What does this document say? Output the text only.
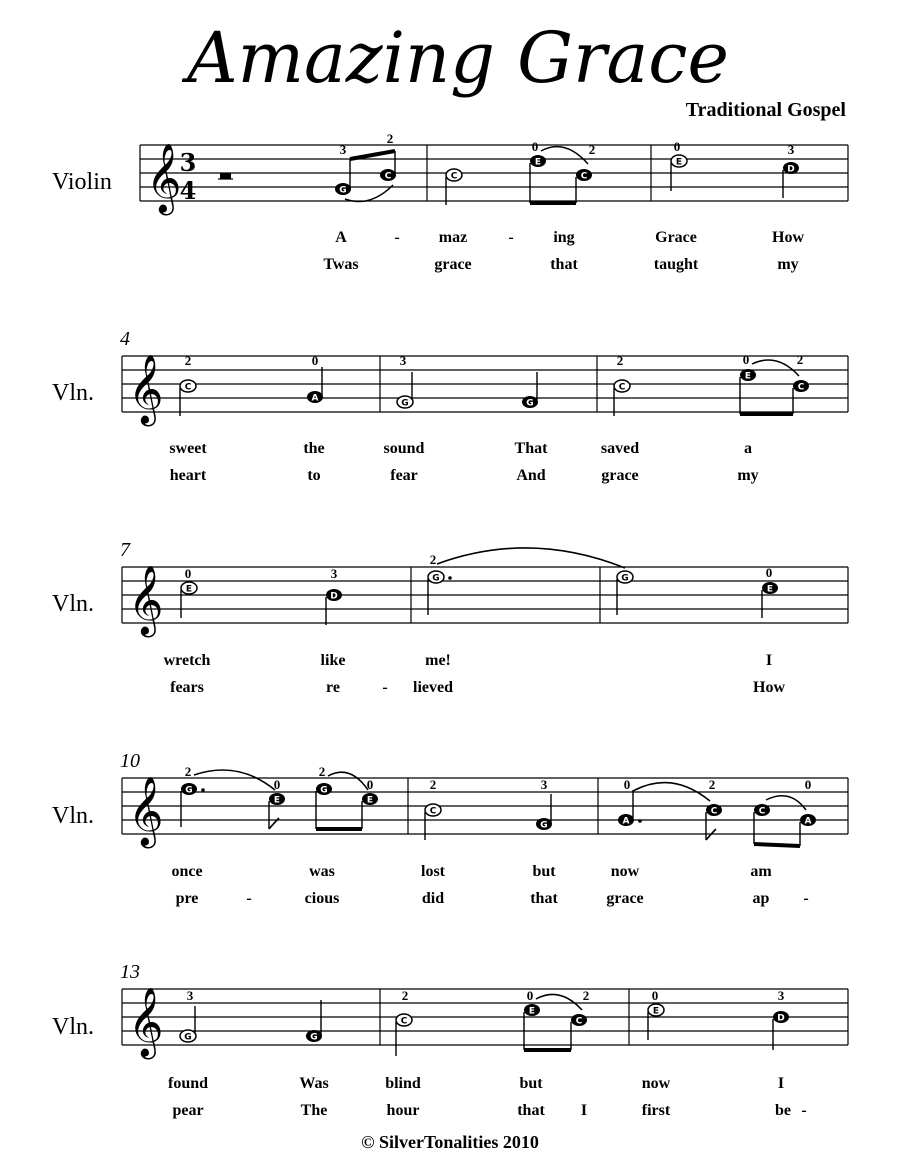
Amazing Grace
Traditional Gospel
Violin
Vln.
Vln.
Vln.
Vln.
4
7
10
13
𝄞
3
4	G
3
C
2
C
E
0
C
2
E
0
D
3
A	- maz	- ing	Grace	How
Twas	grace	that	taught	my
𝄞 C
2
A
0
G
3
G
C
2
E
0
C
2
sweet	the	sound	That	saved	a
heart	to	fear	And	grace	my
𝄞 E
0
D
3	G
2
G
E
0
wretch	like	me!	I
fears	re	- lieved	How
𝄞 G
2
E
0	G
2
E
0
C
2
G
3
A
0
C
2
C
A
0
once	was	lost	but	now	am
pre	-	cious	did	that	grace	ap -
𝄞 G
3
G
C
2
E
0
C
2
E
0
D
3
found	Was	blind	but	now	I
pear	The	hour	that I	first	be -
© SilverTonalities 2010
